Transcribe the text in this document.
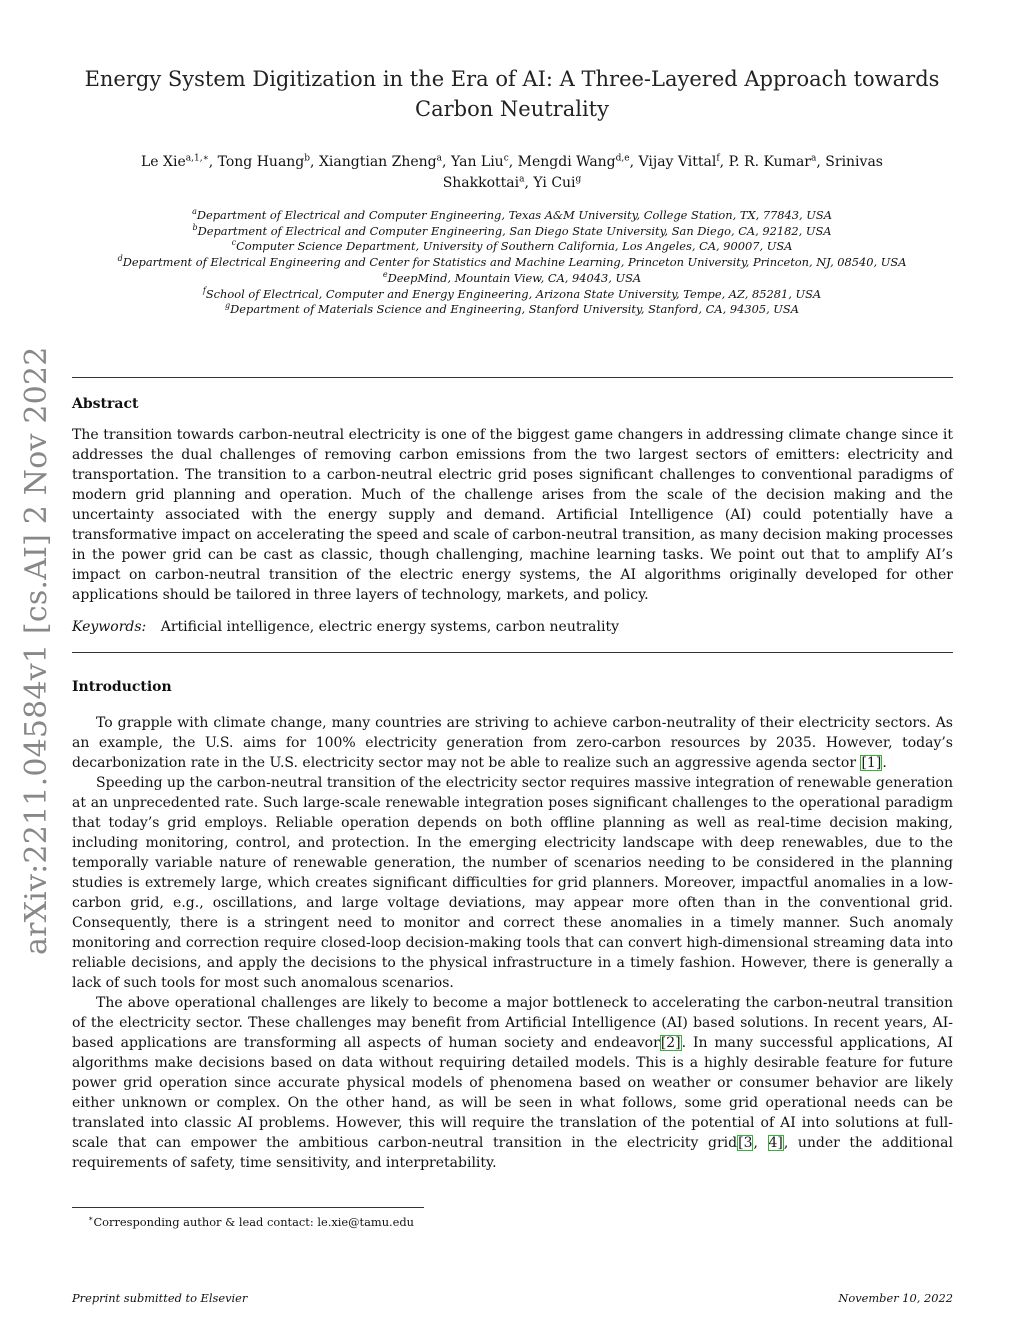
Energy System Digitization in the Era of AI: A Three-Layered Approach towards
Carbon Neutrality
Le Xie$^{a,1,∗}$, Tong Huang$^b$, Xiangtian Zheng$^a$, Yan Liu$^c$, Mengdi Wang$^{d,e}$, Vijay Vittal$^f$, P. R. Kumar$^a$, Srinivas Shakkottai$^a$, Yi Cui$^g$
$^a$Department of Electrical and Computer Engineering, Texas A&M University, College Station, TX, 77843, USA
$^b$Department of Electrical and Computer Engineering, San Diego State University, San Diego, CA, 92182, USA
$^c$Computer Science Department, University of Southern California, Los Angeles, CA, 90007, USA
$^d$Department of Electrical Engineering and Center for Statistics and Machine Learning, Princeton University, Princeton, NJ, 08540, USA
$^e$DeepMind, Mountain View, CA, 94043, USA
$^f$School of Electrical, Computer and Energy Engineering, Arizona State University, Tempe, AZ, 85281, USA
$^g$Department of Materials Science and Engineering, Stanford University, Stanford, CA, 94305, USA
arXiv:2211.04584v1 [cs.AI] 2 Nov 2022 Abstract

The transition towards carbon-neutral electricity is one of the biggest game changers in addressing climate change since it addresses the dual challenges of removing carbon emissions from the two largest sectors of emitters: electricity and transportation. The transition to a carbon-neutral electric grid poses significant challenges to conventional paradigms of modern grid planning and operation. Much of the challenge arises from the scale of the decision making and the uncertainty associated with the energy supply and demand. Artificial Intelligence (AI) could potentially have a transformative impact on accelerating the speed and scale of carbon-neutral transition, as many decision making processes in the power grid can be cast as classic, though challenging, machine learning tasks. We point out that to amplify AI’s impact on carbon-neutral transition of the electric energy systems, the AI algorithms originally developed for other applications should be tailored in three layers of technology, markets, and policy.

Keywords: Artificial intelligence, electric energy systems, carbon neutrality
Introduction

To grapple with climate change, many countries are striving to achieve carbon-neutrality of their electricity sectors. As an example, the U.S. aims for 100% electricity generation from zero-carbon resources by 2035. However, today’s decarbonization rate in the U.S. electricity sector may not be able to realize such an aggressive agenda sector [1].

Speeding up the carbon-neutral transition of the electricity sector requires massive integration of renewable generation at an unprecedented rate. Such large-scale renewable integration poses significant challenges to the operational paradigm that today’s grid employs. Reliable operation depends on both offline planning as well as real-time decision making, including monitoring, control, and protection. In the emerging electricity landscape with deep renewables, due to the temporally variable nature of renewable generation, the number of scenarios needing to be considered in the planning studies is extremely large, which creates significant difficulties for grid planners. Moreover, impactful anomalies in a low-carbon grid, e.g., oscillations, and large voltage deviations, may appear more often than in the conventional grid. Consequently, there is a stringent need to monitor and correct these anomalies in a timely manner. Such anomaly monitoring and correction require closed-loop decision-making tools that can convert high-dimensional streaming data into reliable decisions, and apply the decisions to the physical infrastructure in a timely fashion. However, there is generally a lack of such tools for most such anomalous scenarios.

The above operational challenges are likely to become a major bottleneck to accelerating the carbon-neutral transition of the electricity sector. These challenges may benefit from Artificial Intelligence (AI) based solutions. In recent years, AI-based applications are transforming all aspects of human society and endeavor[2]. In many successful applications, AI algorithms make decisions based on data without requiring detailed models. This is a highly desirable feature for future power grid operation since accurate physical models of phenomena based on weather or consumer behavior are likely either unknown or complex. On the other hand, as will be seen in what follows, some grid operational needs can be translated into classic AI problems. However, this will require the translation of the potential of AI into solutions at full-scale that can empower the ambitious carbon-neutral transition in the electricity grid[3, 4], under the additional requirements of safety, time sensitivity, and interpretability.

∗Corresponding author & lead contact: le.xie@tamu.edu
Preprint submitted to Elsevier	November 10, 2022
